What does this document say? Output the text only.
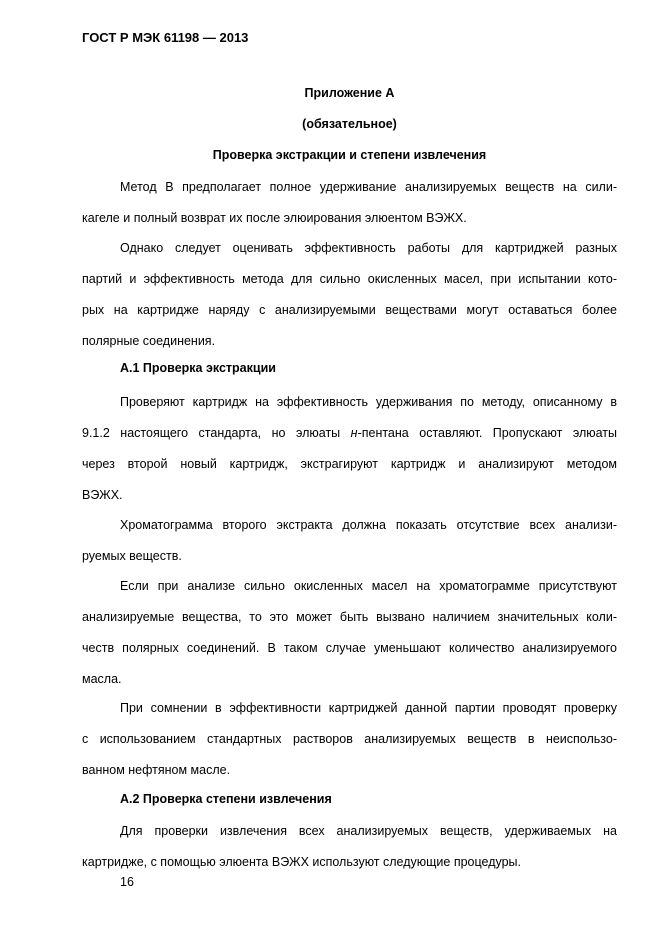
ГОСТ Р МЭК 61198 — 2013
Приложение А
(обязательное)
Проверка экстракции и степени извлечения
Метод В предполагает полное удерживание анализируемых веществ на сили-
кагеле и полный возврат их после элюирования элюентом ВЭЖХ.
Однако следует оценивать эффективность работы для картриджей разных
партий и эффективность метода для сильно окисленных масел, при испытании кото-
рых на картридже наряду с анализируемыми веществами могут оставаться более
полярные соединения.
А.1 Проверка экстракции
Проверяют картридж на эффективность удерживания по методу, описанному в
9.1.2 настоящего стандарта, но элюаты н-пентана оставляют. Пропускают элюаты
через второй новый картридж, экстрагируют картридж и анализируют методом
ВЭЖХ.
Хроматограмма второго экстракта должна показать отсутствие всех анализи-
руемых веществ.
Если при анализе сильно окисленных масел на хроматограмме присутствуют
анализируемые вещества, то это может быть вызвано наличием значительных коли-
честв полярных соединений. В таком случае уменьшают количество анализируемого
масла.
При сомнении в эффективности картриджей данной партии проводят проверку
с использованием стандартных растворов анализируемых веществ в неиспользо-
ванном нефтяном масле.
А.2 Проверка степени извлечения
Для проверки извлечения всех анализируемых веществ, удерживаемых на
картридже, с помощью элюента ВЭЖХ используют следующие процедуры.
16
